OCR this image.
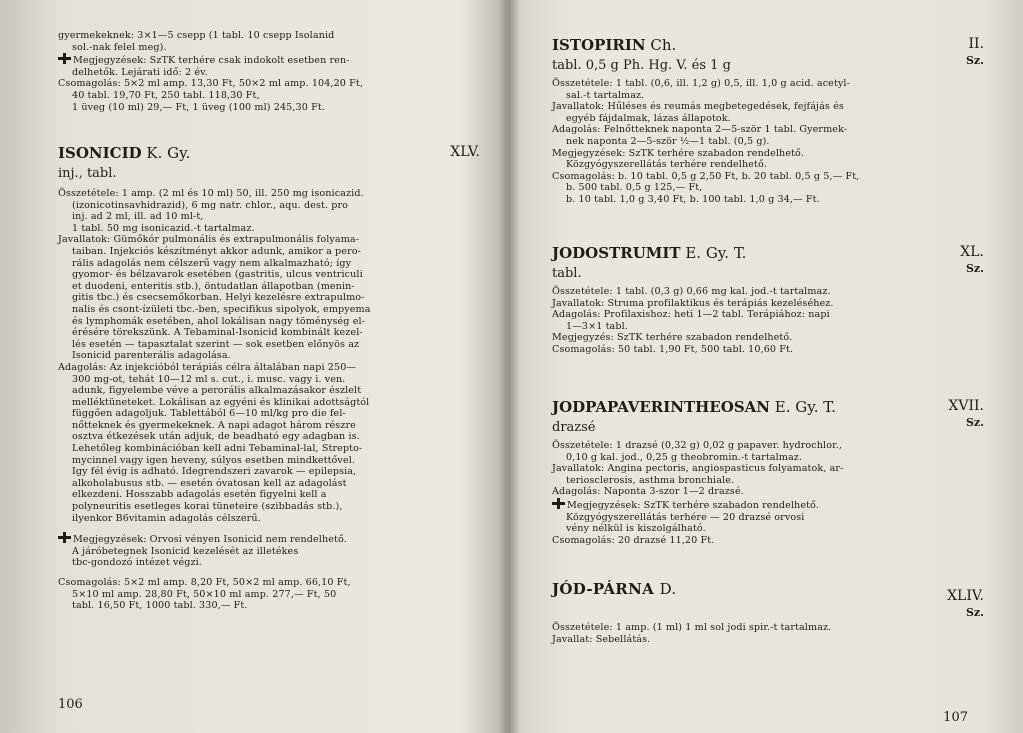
gyermekeknek: 3×1—5 csepp (1 tabl. 10 csepp Isolanid
sol.-nak felel meg).
Megjegyzések: SzTK terhére csak indokolt esetben ren-
delhetők. Lejárati idő: 2 év.
Csomagolás: 5×2 ml amp. 13,30 Ft, 50×2 ml amp. 104,20 Ft,
40 tabl. 19,70 Ft, 250 tabl. 118,30 Ft,
1 üveg (10 ml) 29,— Ft, 1 üveg (100 ml) 245,30 Ft.
ISONICID K. Gy.	XLV.
inj., tabl.
Összetétele: 1 amp. (2 ml és 10 ml) 50, ill. 250 mg isonicazid.
(izonicotinsavhidrazid), 6 mg natr. chlor., aqu. dest. pro
inj. ad 2 ml, ill. ad 10 ml-t,
1 tabl. 50 mg isonicazid.-t tartalmaz.
Javallatok: Gümőkór pulmonális és extrapulmonális folyama-
taiban. Injekciós készítményt akkor adunk, amikor a pero-
rális adagolás nem célszerű vagy nem alkalmazható; így
gyomor- és bélzavarok esetében (gastritis, ulcus ventriculi
et duodeni, enteritis stb.), öntudatlan állapotban (menin-
gitis tbc.) és csecsemőkorban. Helyi kezelésre extrapulmo-
nalis és csont-ízületi tbc.-ben, specifikus sipolyok, empyema
és lymphomák esetében, ahol lokálisan nagy töménység el-
érésére törekszünk. A Tebaminal-Isonicid kombinált kezel-
lés esetén — tapasztalat szerint — sok esetben előnyös az
Isonicid parenterális adagolása.
Adagolás: Az injekcióból terápiás célra általában napi 250—
300 mg-ot, tehát 10—12 ml s. cut., i. musc. vagy i. ven.
adunk, figyelembe véve a perorális alkalmazásakor észlelt
melléktüneteket. Lokálisan az egyéni és klinikai adottságtól
függően adagoljuk. Tablettából 6—10 ml/kg pro die fel-
nőtteknek és gyermekeknek. A napi adagot három részre
osztva étkezések után adjuk, de beadható egy adagban is.
Lehetőleg kombinációban kell adni Tebaminal-lal, Strepto-
mycinnel vagy igen heveny, súlyos esetben mindkettővel.
Igy fél évig is adható. Idegrendszeri zavarok — epilepsia,
alkoholabusus stb. — esetén óvatosan kell az adagolást
elkezdeni. Hosszabb adagolás esetén figyelni kell a
polyneuritis esetleges korai tüneteire (szibbadás stb.),
ilyenkor B6vitamin adagolás célszerű.
Megjegyzések: Orvosi vényen Isonicid nem rendelhető.
A járóbetegnek Isonicid kezelését az illetékes
tbc-gondozó intézet végzi.
Csomagolás: 5×2 ml amp. 8,20 Ft, 50×2 ml amp. 66,10 Ft,
5×10 ml amp. 28,80 Ft, 50×10 ml amp. 277,— Ft, 50
tabl. 16,50 Ft, 1000 tabl. 330,— Ft.
106
ISTOPIRIN Ch.	II.
Sz.
tabl. 0,5 g Ph. Hg. V. és 1 g
Összetétele: 1 tabl. (0,6, ill. 1,2 g) 0,5, ill. 1,0 g acid. acetyl-
sal.-t tartalmaz.
Javallatok: Hűléses és reumás megbetegedések, fejfájás és
egyéb fájdalmak, lázas állapotok.
Adagolás: Felnőtteknek naponta 2—5-ször 1 tabl. Gyermek-
nek naponta 2—5-ször ½—1 tabl. (0,5 g).
Megjegyzések: SzTK terhére szabadon rendelhető.
Közgyógyszerellátás terhére rendelhető.
Csomagolás: b. 10 tabl. 0,5 g 2,50 Ft, b. 20 tabl. 0,5 g 5,— Ft,
b. 500 tabl. 0,5 g 125,— Ft,
b. 10 tabl. 1,0 g 3,40 Ft, b. 100 tabl. 1,0 g 34,— Ft.
JODOSTRUMIT E. Gy. T.	XL.
Sz.
tabl.
Összetétele: 1 tabl. (0,3 g) 0,66 mg kal. jod.-t tartalmaz.
Javallatok: Struma profilaktikus és terápiás kezeléséhez.
Adagolás: Profilaxishoz: heti 1—2 tabl. Terápiához: napi
1—3×1 tabl.
Megjegyzés: SzTK terhére szabadon rendelhető.
Csomagolás: 50 tabl. 1,90 Ft, 500 tabl. 10,60 Ft.
JODPAPAVERINTHEOSAN E. Gy. T.	XVII.
Sz.
drazsé
Összetétele: 1 drazsé (0,32 g) 0,02 g papaver. hydrochlor.,
0,10 g kal. jod., 0,25 g theobromin.-t tartalmaz.
Javallatok: Angina pectoris, angiospasticus folyamatok, ar-
teriosclerosis, asthma bronchiale.
Adagolás: Naponta 3-szor 1—2 drazsé.
Megjegyzések: SzTK terhére szabadon rendelhető.
Közgyógyszerellátás terhére — 20 drazsé orvosi
vény nélkül is kiszolgálható.
Csomagolás: 20 drazsé 11,20 Ft.
JÓD-PÁRNA D.	XLIV.
Sz.
Összetétele: 1 amp. (1 ml) 1 ml sol jodi spir.-t tartalmaz.
Javallat: Sebellátás.
107
